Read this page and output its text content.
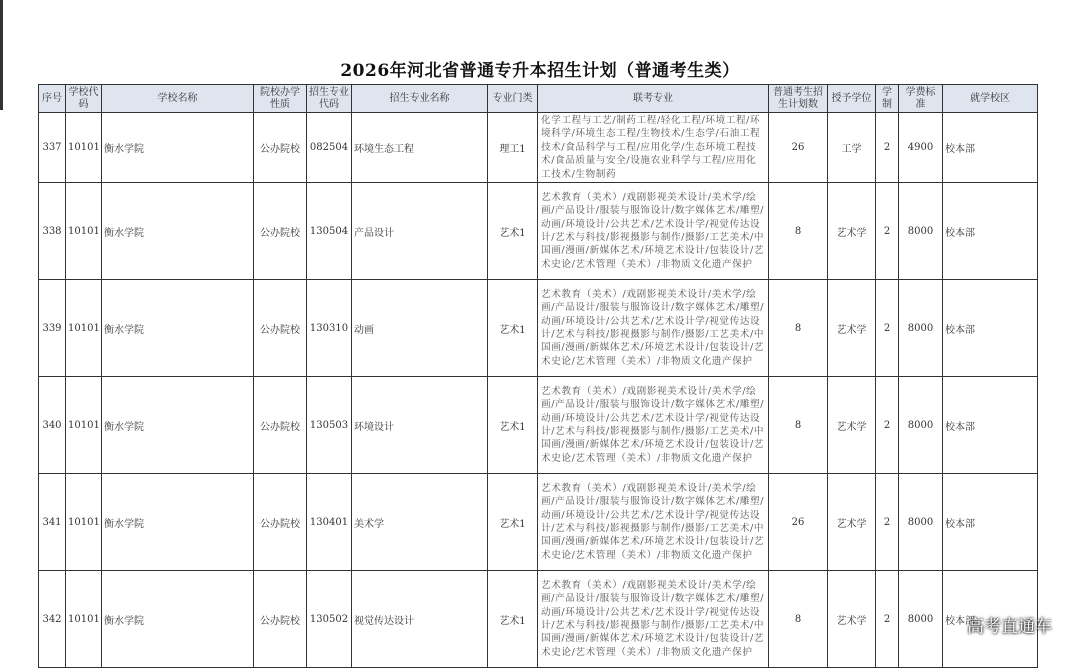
2026年河北省普通专升本招生计划（普通考生类）
序号	学校代码	学校名称	院校办学性质	招生专业代码	招生专业名称	专业门类	联考专业	普通考生招生计划数	授予学位	学制	学费标准	就学校区
337	10101	衡水学院	公办院校	082504	环境生态工程	理工1	化学工程与工艺/制药工程/轻化工程/环境工程/环境科学/环境生态工程/生物技术/生态学/石油工程技术/食品科学与工程/应用化学/生态环境工程技术/食品质量与安全/设施农业科学与工程/应用化工技术/生物制药	26	工学	2	4900	校本部
338	10101	衡水学院	公办院校	130504	产品设计	艺术1	艺术教育（美术）/戏剧影视美术设计/美术学/绘画/产品设计/服装与服饰设计/数字媒体艺术/雕塑/动画/环境设计/公共艺术/艺术设计学/视觉传达设计/艺术与科技/影视摄影与制作/摄影/工艺美术/中国画/漫画/新媒体艺术/环境艺术设计/包装设计/艺术史论/艺术管理（美术）/非物质文化遗产保护	8	艺术学	2	8000	校本部
339	10101	衡水学院	公办院校	130310	动画	艺术1	艺术教育（美术）/戏剧影视美术设计/美术学/绘画/产品设计/服装与服饰设计/数字媒体艺术/雕塑/动画/环境设计/公共艺术/艺术设计学/视觉传达设计/艺术与科技/影视摄影与制作/摄影/工艺美术/中国画/漫画/新媒体艺术/环境艺术设计/包装设计/艺术史论/艺术管理（美术）/非物质文化遗产保护	8	艺术学	2	8000	校本部
340	10101	衡水学院	公办院校	130503	环境设计	艺术1	艺术教育（美术）/戏剧影视美术设计/美术学/绘画/产品设计/服装与服饰设计/数字媒体艺术/雕塑/动画/环境设计/公共艺术/艺术设计学/视觉传达设计/艺术与科技/影视摄影与制作/摄影/工艺美术/中国画/漫画/新媒体艺术/环境艺术设计/包装设计/艺术史论/艺术管理（美术）/非物质文化遗产保护	8	艺术学	2	8000	校本部
341	10101	衡水学院	公办院校	130401	美术学	艺术1	艺术教育（美术）/戏剧影视美术设计/美术学/绘画/产品设计/服装与服饰设计/数字媒体艺术/雕塑/动画/环境设计/公共艺术/艺术设计学/视觉传达设计/艺术与科技/影视摄影与制作/摄影/工艺美术/中国画/漫画/新媒体艺术/环境艺术设计/包装设计/艺术史论/艺术管理（美术）/非物质文化遗产保护	26	艺术学	2	8000	校本部
342	10101	衡水学院	公办院校	130502	视觉传达设计	艺术1	艺术教育（美术）/戏剧影视美术设计/美术学/绘画/产品设计/服装与服饰设计/数字媒体艺术/雕塑/动画/环境设计/公共艺术/艺术设计学/视觉传达设计/艺术与科技/影视摄影与制作/摄影/工艺美术/中国画/漫画/新媒体艺术/环境艺术设计/包装设计/艺术史论/艺术管理（美术）/非物质文化遗产保护	8	艺术学	2	8000	校本部
高考直通车
